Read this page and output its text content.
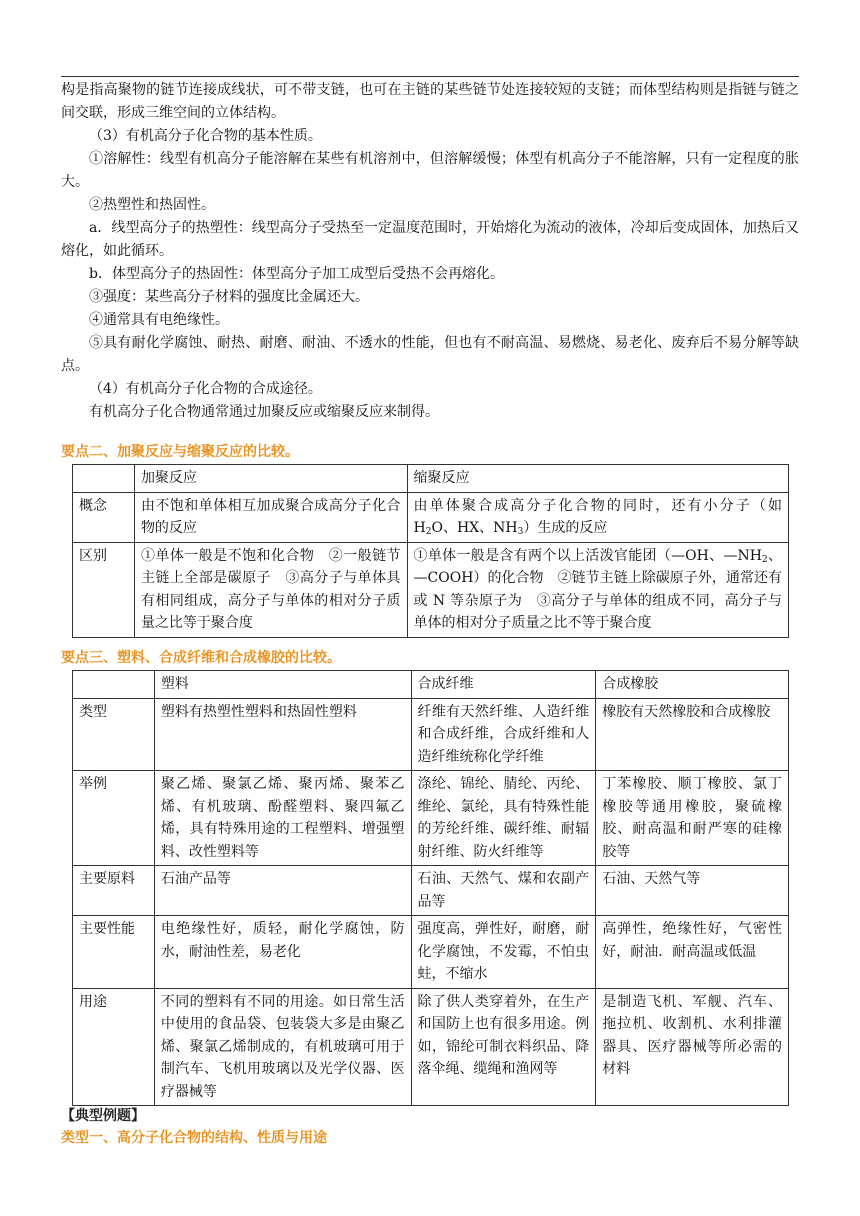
构是指高聚物的链节连接成线状，可不带支链，也可在主链的某些链节处连接较短的支链；而体型结构则是指链与链之间交联，形成三维空间的立体结构。

（3）有机高分子化合物的基本性质。

①溶解性：线型有机高分子能溶解在某些有机溶剂中，但溶解缓慢；体型有机高分子不能溶解，只有一定程度的胀大。

②热塑性和热固性。

a．线型高分子的热塑性：线型高分子受热至一定温度范围时，开始熔化为流动的液体，冷却后变成固体，加热后又熔化，如此循环。

b．体型高分子的热固性：体型高分子加工成型后受热不会再熔化。

③强度：某些高分子材料的强度比金属还大。

④通常具有电绝缘性。

⑤具有耐化学腐蚀、耐热、耐磨、耐油、不透水的性能，但也有不耐高温、易燃烧、易老化、废弃后不易分解等缺点。

（4）有机高分子化合物的合成途径。

有机高分子化合物通常通过加聚反应或缩聚反应来制得。

要点二、加聚反应与缩聚反应的比较。
	加聚反应	缩聚反应
概念	由不饱和单体相互加成聚合成高分子化合物的反应	由单体聚合成高分子化合物的同时，还有小分子（如 $H_2O$、HX、$NH_3$）生成的反应
区别	①单体一般是不饱和化合物　②一般链节主链上全部是碳原子　③高分子与单体具有相同组成，高分子与单体的相对分子质量之比等于聚合度	①单体一般是含有两个以上活泼官能团（—OH、$—NH_2$、—COOH）的化合物　②链节主链上除碳原子外，通常还有或 N 等杂原子为　③高分子与单体的组成不同，高分子与单体的相对分子质量之比不等于聚合度
要点三、塑料、合成纤维和合成橡胶的比较。
	塑料	合成纤维	合成橡胶
类型	塑料有热塑性塑料和热固性塑料	纤维有天然纤维、人造纤维和合成纤维，合成纤维和人造纤维统称化学纤维	橡胶有天然橡胶和合成橡胶
举例	聚乙烯、聚氯乙烯、聚丙烯、聚苯乙烯、有机玻璃、酚醛塑料、聚四氟乙烯，具有特殊用途的工程塑料、增强塑料、改性塑料等	涤纶、锦纶、腈纶、丙纶、维纶、氯纶，具有特殊性能的芳纶纤维、碳纤维、耐辐射纤维、防火纤维等	丁苯橡胶、顺丁橡胶、氯丁橡胶等通用橡胶，聚硫橡胶、耐高温和耐严寒的硅橡胶等
主要原料	石油产品等	石油、天然气、煤和农副产品等	石油、天然气等
主要性能	电绝缘性好，质轻，耐化学腐蚀，防水，耐油性差，易老化	强度高，弹性好，耐磨，耐化学腐蚀，不发霉，不怕虫蛀，不缩水	高弹性，绝缘性好，气密性好，耐油．耐高温或低温
用途	不同的塑料有不同的用途。如日常生活中使用的食品袋、包装袋大多是由聚乙烯、聚氯乙烯制成的，有机玻璃可用于制汽车、飞机用玻璃以及光学仪器、医疗器械等	除了供人类穿着外，在生产和国防上也有很多用途。例如，锦纶可制衣料织品、降落伞绳、缆绳和渔网等	是制造飞机、军舰、汽车、拖拉机、收割机、水利排灌器具、医疗器械等所必需的材料
【典型例题】
类型一、高分子化合物的结构、性质与用途
